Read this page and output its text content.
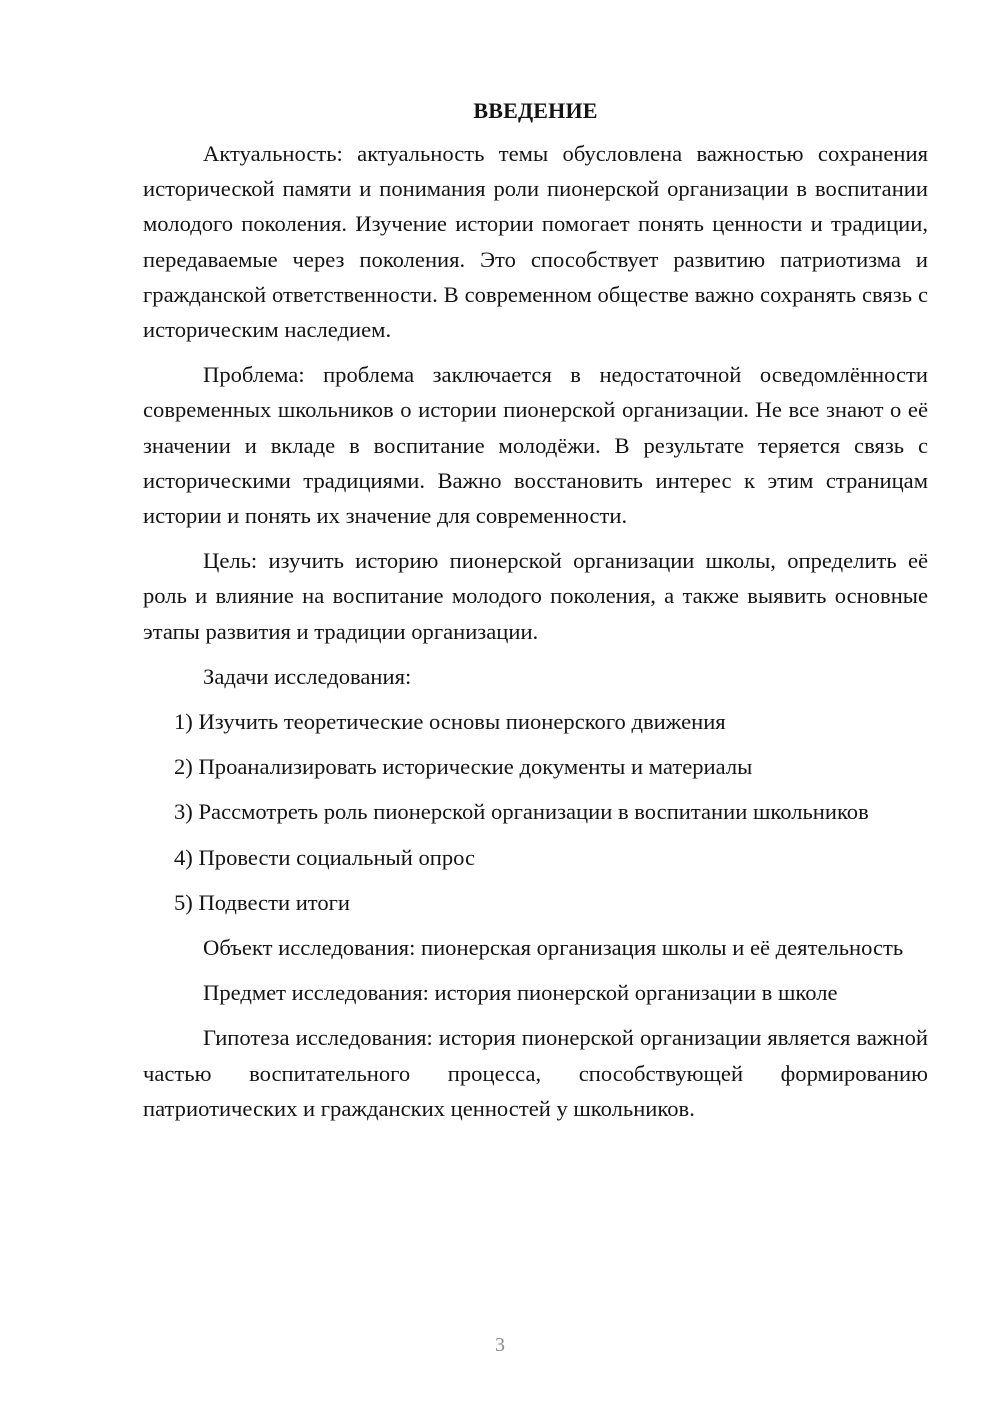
ВВЕДЕНИЕ

Актуальность: актуальность темы обусловлена важностью сохранения исторической памяти и понимания роли пионерской организации в воспитании молодого поколения. Изучение истории помогает понять ценности и традиции, передаваемые через поколения. Это способствует развитию патриотизма и гражданской ответственности. В современном обществе важно сохранять связь с историческим наследием.

Проблема: проблема заключается в недостаточной осведомлённости современных школьников о истории пионерской организации. Не все знают о её значении и вкладе в воспитание молодёжи. В результате теряется связь с историческими традициями. Важно восстановить интерес к этим страницам истории и понять их значение для современности.

Цель: изучить историю пионерской организации школы, определить её роль и влияние на воспитание молодого поколения, а также выявить основные этапы развития и традиции организации.

Задачи исследования:

1) Изучить теоретические основы пионерского движения

2) Проанализировать исторические документы и материалы

3) Рассмотреть роль пионерской организации в воспитании школьников

4) Провести социальный опрос

5) Подвести итоги

Объект исследования: пионерская организация школы и её деятельность

Предмет исследования: история пионерской организации в школе

Гипотеза исследования: история пионерской организации является важной частью воспитательного процесса, способствующей формированию патриотических и гражданских ценностей у школьников.

3
